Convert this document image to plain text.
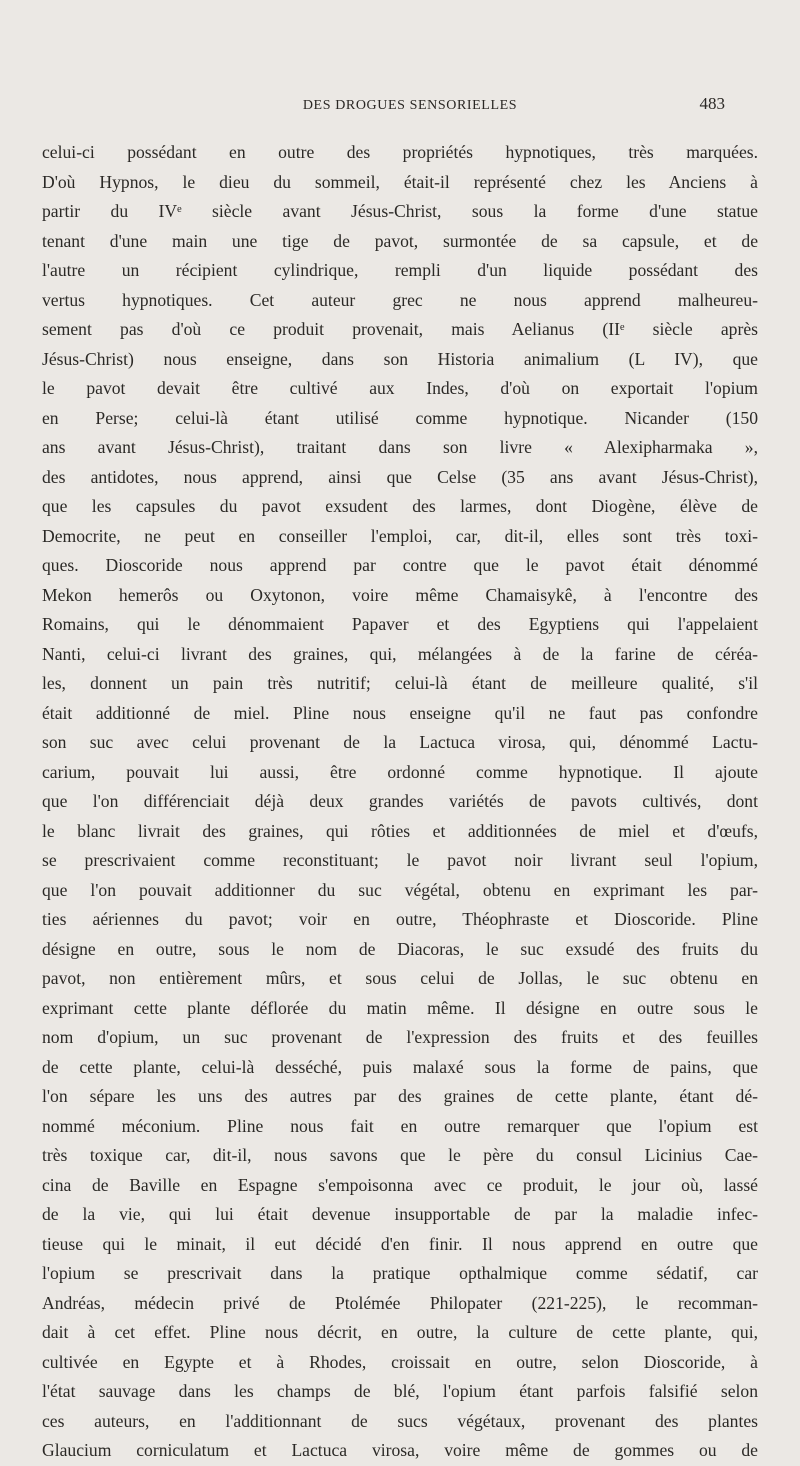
DES DROGUES SENSORIELLES	483
celui-ci possédant en outre des propriétés hypnotiques, très marquées.
D'où Hypnos, le dieu du sommeil, était-il représenté chez les Anciens à
partir du IVᵉ siècle avant Jésus-Christ, sous la forme d'une statue
tenant d'une main une tige de pavot, surmontée de sa capsule, et de
l'autre un récipient cylindrique, rempli d'un liquide possédant des
vertus hypnotiques. Cet auteur grec ne nous apprend malheureu-
sement pas d'où ce produit provenait, mais Aelianus (IIᵉ siècle après
Jésus-Christ) nous enseigne, dans son Historia animalium (L IV), que
le pavot devait être cultivé aux Indes, d'où on exportait l'opium
en Perse; celui-là étant utilisé comme hypnotique. Nicander (150
ans avant Jésus-Christ), traitant dans son livre « Alexipharmaka »,
des antidotes, nous apprend, ainsi que Celse (35 ans avant Jésus-Christ),
que les capsules du pavot exsudent des larmes, dont Diogène, élève de
Democrite, ne peut en conseiller l'emploi, car, dit-il, elles sont très toxi-
ques. Dioscoride nous apprend par contre que le pavot était dénommé
Mekon hemerôs ou Oxytonon, voire même Chamaisykê, à l'encontre des
Romains, qui le dénommaient Papaver et des Egyptiens qui l'appelaient
Nanti, celui-ci livrant des graines, qui, mélangées à de la farine de céréa-
les, donnent un pain très nutritif; celui-là étant de meilleure qualité, s'il
était additionné de miel. Pline nous enseigne qu'il ne faut pas confondre
son suc avec celui provenant de la Lactuca virosa, qui, dénommé Lactu-
carium, pouvait lui aussi, être ordonné comme hypnotique. Il ajoute
que l'on différenciait déjà deux grandes variétés de pavots cultivés, dont
le blanc livrait des graines, qui rôties et additionnées de miel et d'œufs,
se prescrivaient comme reconstituant; le pavot noir livrant seul l'opium,
que l'on pouvait additionner du suc végétal, obtenu en exprimant les par-
ties aériennes du pavot; voir en outre, Théophraste et Dioscoride. Pline
désigne en outre, sous le nom de Diacoras, le suc exsudé des fruits du
pavot, non entièrement mûrs, et sous celui de Jollas, le suc obtenu en
exprimant cette plante déflorée du matin même. Il désigne en outre sous le
nom d'opium, un suc provenant de l'expression des fruits et des feuilles
de cette plante, celui-là desséché, puis malaxé sous la forme de pains, que
l'on sépare les uns des autres par des graines de cette plante, étant dé-
nommé méconium. Pline nous fait en outre remarquer que l'opium est
très toxique car, dit-il, nous savons que le père du consul Licinius Cae-
cina de Baville en Espagne s'empoisonna avec ce produit, le jour où, lassé
de la vie, qui lui était devenue insupportable de par la maladie infec-
tieuse qui le minait, il eut décidé d'en finir. Il nous apprend en outre que
l'opium se prescrivait dans la pratique opthalmique comme sédatif, car
Andréas, médecin privé de Ptolémée Philopater (221-225), le recomman-
dait à cet effet. Pline nous décrit, en outre, la culture de cette plante, qui,
cultivée en Egypte et à Rhodes, croissait en outre, selon Dioscoride, à
l'état sauvage dans les champs de blé, l'opium étant parfois falsifié selon
ces auteurs, en l'additionnant de sucs végétaux, provenant des plantes
Glaucium corniculatum et Lactuca virosa, voire même de gommes ou de
